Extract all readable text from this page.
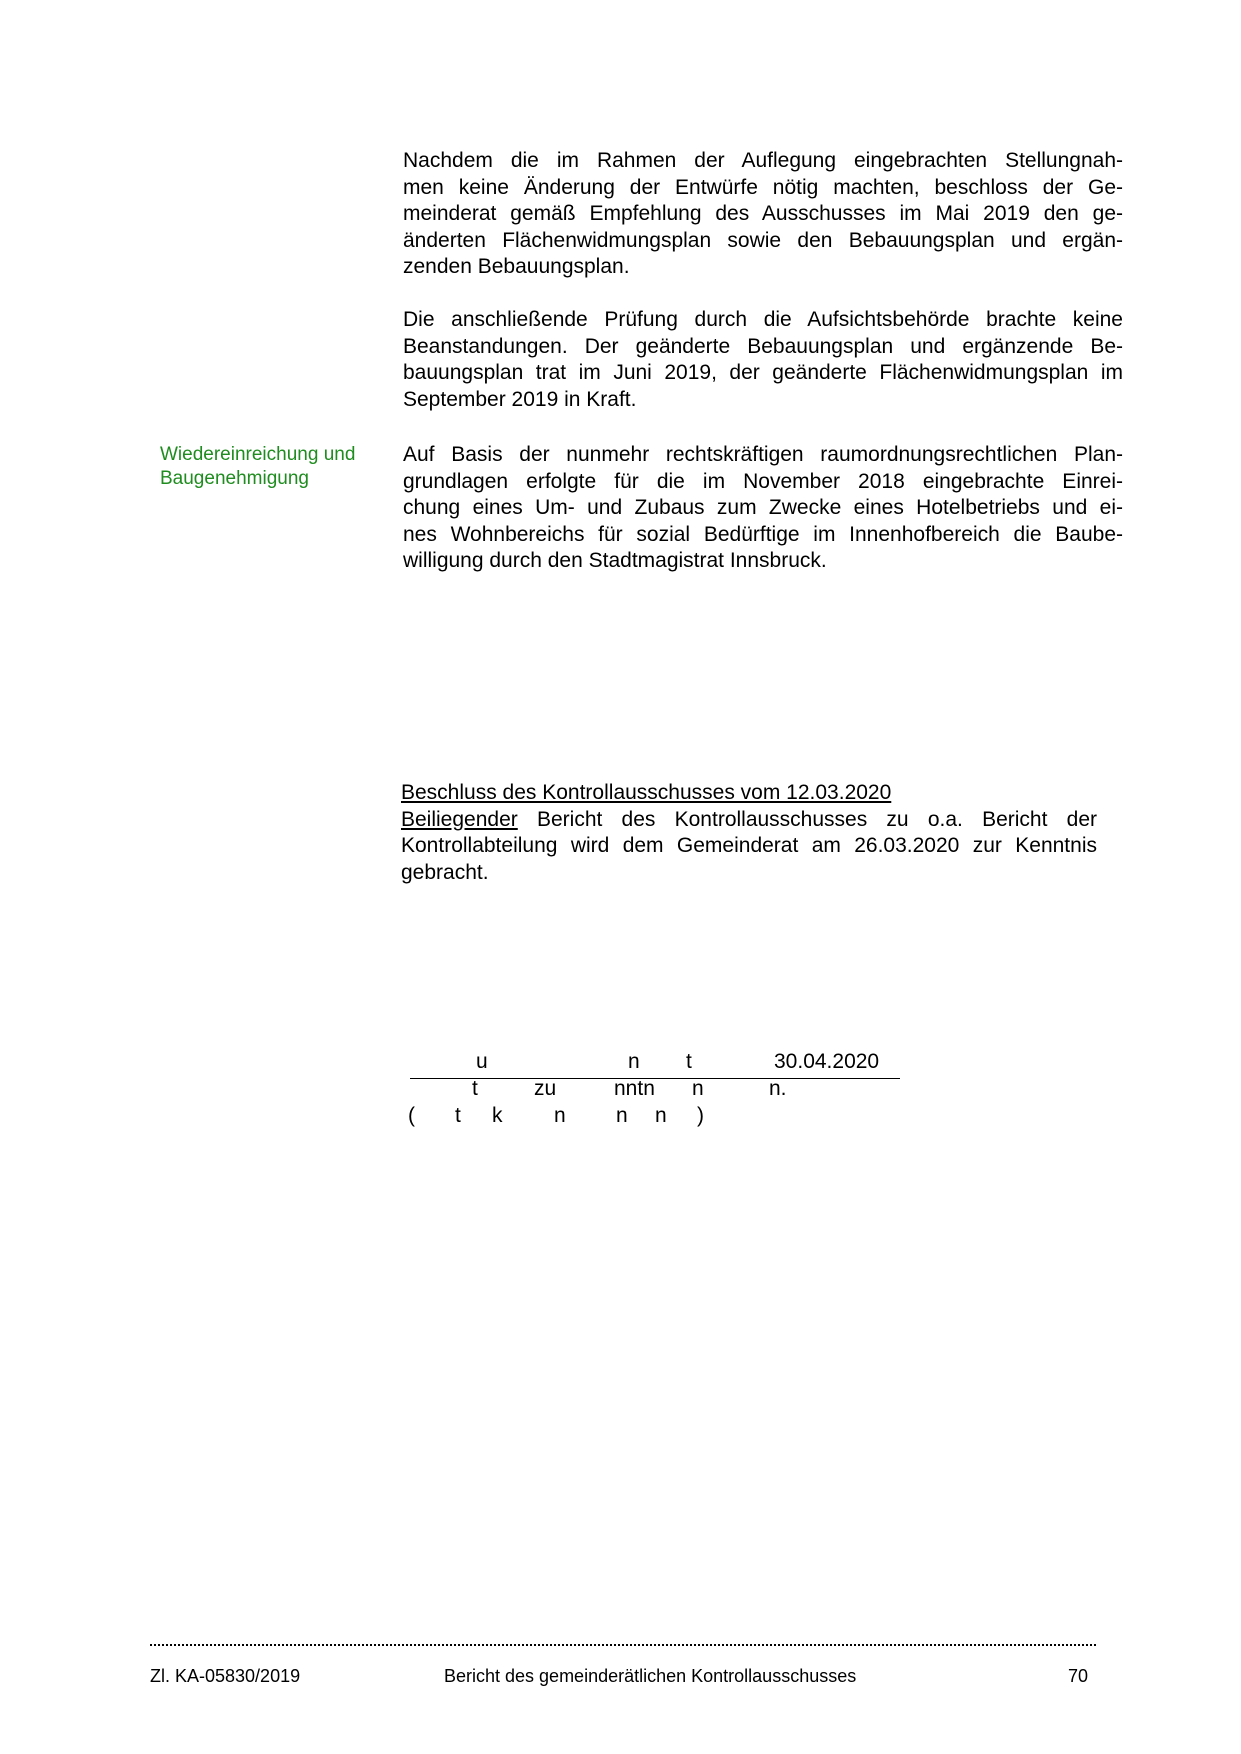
Nachdem die im Rahmen der Auflegung eingebrachten Stellungnah-
men keine Änderung der Entwürfe nötig machten, beschloss der Ge-
meinderat gemäß Empfehlung des Ausschusses im Mai 2019 den ge-
änderten Flächenwidmungsplan sowie den Bebauungsplan und ergän-
zenden Bebauungsplan.
Die anschließende Prüfung durch die Aufsichtsbehörde brachte keine
Beanstandungen. Der geänderte Bebauungsplan und ergänzende Be-
bauungsplan trat im Juni 2019, der geänderte Flächenwidmungsplan im
September 2019 in Kraft.
Wiedereinreichung und
Baugenehmigung
Auf Basis der nunmehr rechtskräftigen raumordnungsrechtlichen Plan-
grundlagen erfolgte für die im November 2018 eingebrachte Einrei-
chung eines Um- und Zubaus zum Zwecke eines Hotelbetriebs und ei-
nes Wohnbereichs für sozial Bedürftige im Innenhofbereich die Baube-
willigung durch den Stadtmagistrat Innsbruck.
Beschluss des Kontrollausschusses vom 12.03.2020
Beiliegender Bericht des Kontrollausschusses zu o.a. Bericht der
Kontrollabteilung wird dem Gemeinderat am 26.03.2020 zur Kenntnis
gebracht.
u	n t	30.04.2020
t	zu	nntn n	n.
( t k n n n )
Zl. KA-05830/2019	Bericht des gemeinderätlichen Kontrollausschusses	70
